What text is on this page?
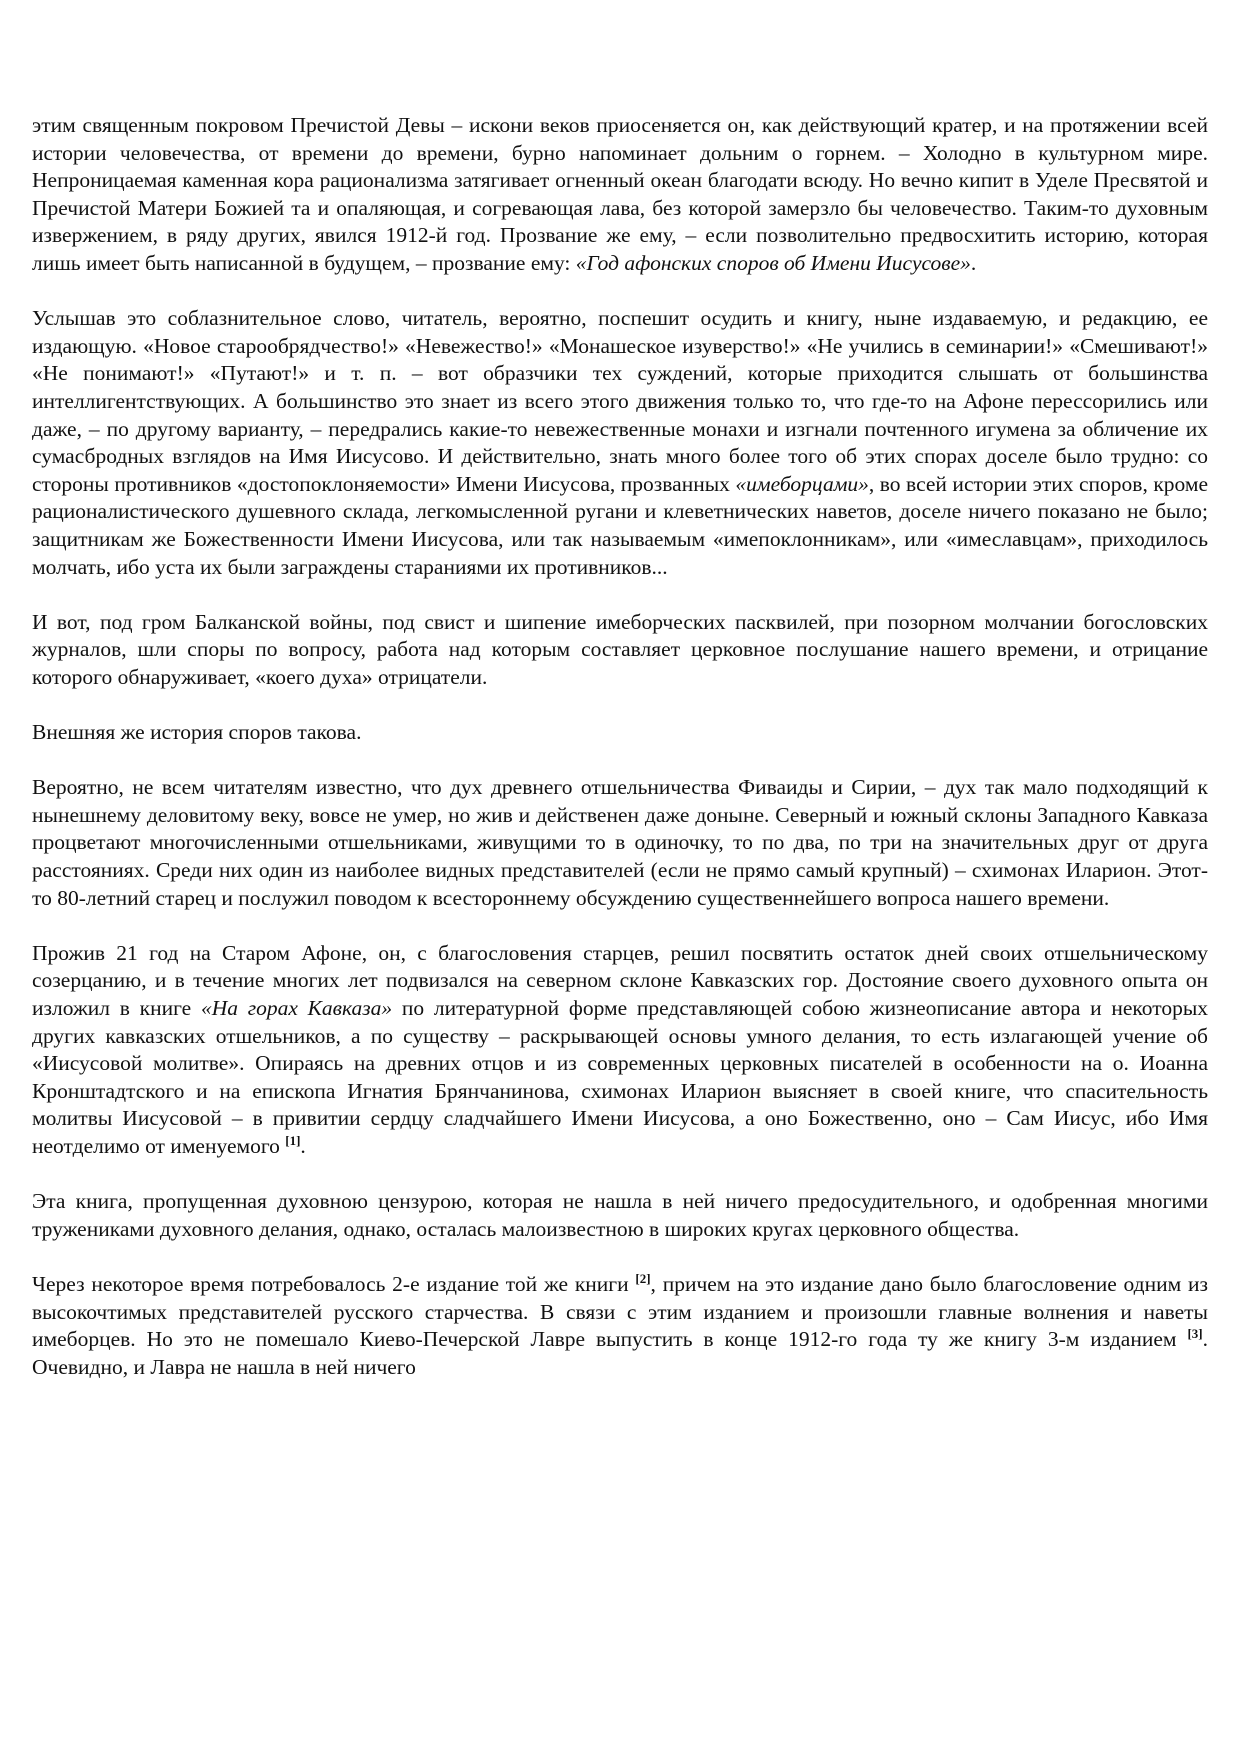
этим священным покровом Пречистой Девы – искони веков приосеняется он, как действующий кратер, и на протяжении всей истории человечества, от времени до времени, бурно напоминает дольним о горнем. – Холодно в культурном мире. Непроницаемая каменная кора рационализма затягивает огненный океан благодати всюду. Но вечно кипит в Уделе Пресвятой и Пречистой Матери Божией та и опаляющая, и согревающая лава, без которой замерзло бы человечество. Таким-то духовным извержением, в ряду других, явился 1912-й год. Прозвание же ему, – если позволительно предвосхитить историю, которая лишь имеет быть написанной в будущем, – прозвание ему: «Год афонских споров об Имени Иисусове».

Услышав это соблазнительное слово, читатель, вероятно, поспешит осудить и книгу, ныне издаваемую, и редакцию, ее издающую. «Новое старообрядчество!» «Невежество!» «Монашеское изуверство!» «Не учились в семинарии!» «Смешивают!» «Не понимают!» «Путают!» и т. п. – вот образчики тех суждений, которые приходится слышать от большинства интеллигентствующих. А большинство это знает из всего этого движения только то, что где-то на Афоне перессорились или даже, – по другому варианту, – передрались какие-то невежественные монахи и изгнали почтенного игумена за обличение их сумасбродных взглядов на Имя Иисусово. И действительно, знать много более того об этих спорах доселе было трудно: со стороны противников «достопоклоняемости» Имени Иисусова, прозванных «имеборцами», во всей истории этих споров, кроме рационалистического душевного склада, легкомысленной ругани и клеветнических наветов, доселе ничего показано не было; защитникам же Божественности Имени Иисусова, или так называемым «имепоклонникам», или «имеславцам», приходилось молчать, ибо уста их были заграждены стараниями их противников...

И вот, под гром Балканской войны, под свист и шипение имеборческих пасквилей, при позорном молчании богословских журналов, шли споры по вопросу, работа над которым составляет церковное послушание нашего времени, и отрицание которого обнаруживает, «коего духа» отрицатели.

Внешняя же история споров такова.

Вероятно, не всем читателям известно, что дух древнего отшельничества Фиваиды и Сирии, – дух так мало подходящий к нынешнему деловитому веку, вовсе не умер, но жив и действенен даже доныне. Северный и южный склоны Западного Кавказа процветают многочисленными отшельниками, живущими то в одиночку, то по два, по три на значительных друг от друга расстояниях. Среди них один из наиболее видных представителей (если не прямо самый крупный) – схимонах Иларион. Этот-то 80-летний старец и послужил поводом к всестороннему обсуждению существеннейшего вопроса нашего времени.

Прожив 21 год на Старом Афоне, он, с благословения старцев, решил посвятить остаток дней своих отшельническому созерцанию, и в течение многих лет подвизался на северном склоне Кавказских гор. Достояние своего духовного опыта он изложил в книге «На горах Кавказа» по литературной форме представляющей собою жизнеописание автора и некоторых других кавказских отшельников, а по существу – раскрывающей основы умного делания, то есть излагающей учение об «Иисусовой молитве». Опираясь на древних отцов и из современных церковных писателей в особенности на о. Иоанна Кронштадтского и на епископа Игнатия Брянчанинова, схимонах Иларион выясняет в своей книге, что спасительность молитвы Иисусовой – в привитии сердцу сладчайшего Имени Иисусова, а оно Божественно, оно – Сам Иисус, ибо Имя неотделимо от именуемого [1].

Эта книга, пропущенная духовною цензурою, которая не нашла в ней ничего предосудительного, и одобренная многими тружениками духовного делания, однако, осталась малоизвестною в широких кругах церковного общества.

Через некоторое время потребовалось 2-е издание той же книги [2], причем на это издание дано было благословение одним из высокочтимых представителей русского старчества. В связи с этим изданием и произошли главные волнения и наветы имеборцев. Но это не помешало Киево-Печерской Лавре выпустить в конце 1912-го года ту же книгу 3-м изданием [3]. Очевидно, и Лавра не нашла в ней ничего
